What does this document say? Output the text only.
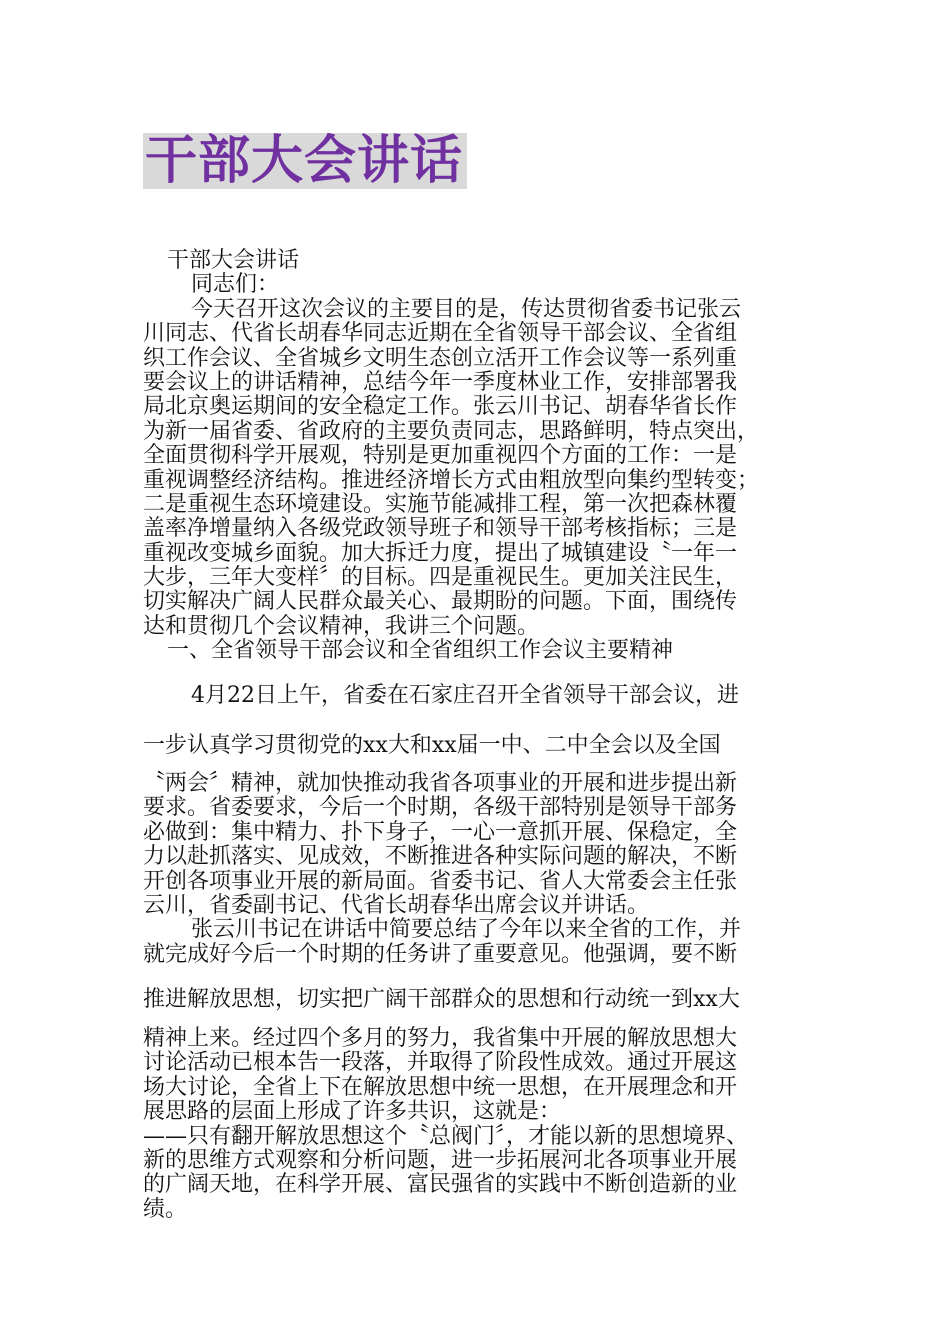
干部大会讲话
干部大会讲话
同志们：
今天召开这次会议的主要目的是，传达贯彻省委书记张云
川同志、代省长胡春华同志近期在全省领导干部会议、全省组
织工作会议、全省城乡文明生态创立活开工作会议等一系列重
要会议上的讲话精神，总结今年一季度林业工作，安排部署我
局北京奥运期间的安全稳定工作。张云川书记、胡春华省长作
为新一届省委、省政府的主要负责同志，思路鲜明，特点突出，
全面贯彻科学开展观，特别是更加重视四个方面的工作：一是
重视调整经济结构。推进经济增长方式由粗放型向集约型转变；
二是重视生态环境建设。实施节能减排工程，第一次把森林覆
盖率净增量纳入各级党政领导班子和领导干部考核指标；三是
重视改变城乡面貌。加大拆迁力度，提出了城镇建设〝一年一
大步，三年大变样〞的目标。四是重视民生。更加关注民生，
切实解决广阔人民群众最关心、最期盼的问题。下面，围绕传
达和贯彻几个会议精神，我讲三个问题。
一、全省领导干部会议和全省组织工作会议主要精神
4月22日上午，省委在石家庄召开全省领导干部会议，进
一步认真学习贯彻党的xx大和xx届一中、二中全会以及全国
〝两会〞精神，就加快推动我省各项事业的开展和进步提出新
要求。省委要求，今后一个时期，各级干部特别是领导干部务
必做到：集中精力、扑下身子，一心一意抓开展、保稳定，全
力以赴抓落实、见成效，不断推进各种实际问题的解决，不断
开创各项事业开展的新局面。省委书记、省人大常委会主任张
云川，省委副书记、代省长胡春华出席会议并讲话。
张云川书记在讲话中简要总结了今年以来全省的工作，并
就完成好今后一个时期的任务讲了重要意见。他强调，要不断
推进解放思想，切实把广阔干部群众的思想和行动统一到xx大
精神上来。经过四个多月的努力，我省集中开展的解放思想大
讨论活动已根本告一段落，并取得了阶段性成效。通过开展这
场大讨论，全省上下在解放思想中统一思想，在开展理念和开
展思路的层面上形成了许多共识，这就是：
——只有翻开解放思想这个〝总阀门〞，才能以新的思想境界、
新的思维方式观察和分析问题，进一步拓展河北各项事业开展
的广阔天地，在科学开展、富民强省的实践中不断创造新的业
绩。
